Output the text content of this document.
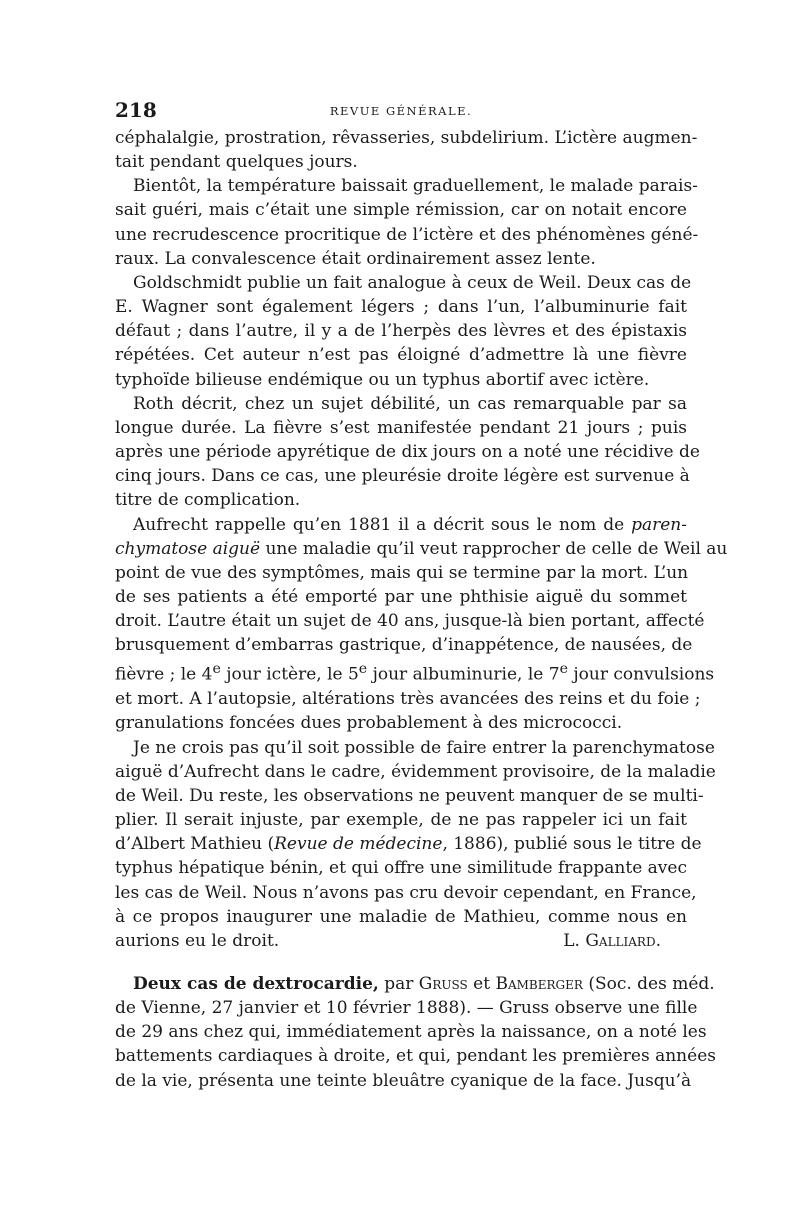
218	REVUE GÉNÉRALE.
céphalalgie, prostration, rêvasseries, subdelirium. L’ictère augmen-
tait pendant quelques jours.
Bientôt, la température baissait graduellement, le malade parais-
sait guéri, mais c’était une simple rémission, car on notait encore
une recrudescence procritique de l’ictère et des phénomènes géné-
raux. La convalescence était ordinairement assez lente.
Goldschmidt publie un fait analogue à ceux de Weil. Deux cas de
E. Wagner sont également légers ; dans l’un, l’albuminurie fait
défaut ; dans l’autre, il y a de l’herpès des lèvres et des épistaxis
répétées. Cet auteur n’est pas éloigné d’admettre là une fièvre
typhoïde bilieuse endémique ou un typhus abortif avec ictère.
Roth décrit, chez un sujet débilité, un cas remarquable par sa
longue durée. La fièvre s’est manifestée pendant 21 jours ; puis
après une période apyrétique de dix jours on a noté une récidive de
cinq jours. Dans ce cas, une pleurésie droite légère est survenue à
titre de complication.
Aufrecht rappelle qu’en 1881 il a décrit sous le nom de paren-
chymatose aiguë une maladie qu’il veut rapprocher de celle de Weil au
point de vue des symptômes, mais qui se termine par la mort. L’un
de ses patients a été emporté par une phthisie aiguë du sommet
droit. L’autre était un sujet de 40 ans, jusque-là bien portant, affecté
brusquement d’embarras gastrique, d’inappétence, de nausées, de
fièvre ; le 4e jour ictère, le 5e jour albuminurie, le 7e jour convulsions
et mort. A l’autopsie, altérations très avancées des reins et du foie ;
granulations foncées dues probablement à des micrococci.
Je ne crois pas qu’il soit possible de faire entrer la parenchymatose
aiguë d’Aufrecht dans le cadre, évidemment provisoire, de la maladie
de Weil. Du reste, les observations ne peuvent manquer de se multi-
plier. Il serait injuste, par exemple, de ne pas rappeler ici un fait
d’Albert Mathieu (Revue de médecine, 1886), publié sous le titre de
typhus hépatique bénin, et qui offre une similitude frappante avec
les cas de Weil. Nous n’avons pas cru devoir cependant, en France,
à ce propos inaugurer une maladie de Mathieu, comme nous en
aurions eu le droit.	L. Galliard.
Deux cas de dextrocardie, par Gruss et Bamberger (Soc. des méd.
de Vienne, 27 janvier et 10 février 1888). — Gruss observe une fille
de 29 ans chez qui, immédiatement après la naissance, on a noté les
battements cardiaques à droite, et qui, pendant les premières années
de la vie, présenta une teinte bleuâtre cyanique de la face. Jusqu’à
